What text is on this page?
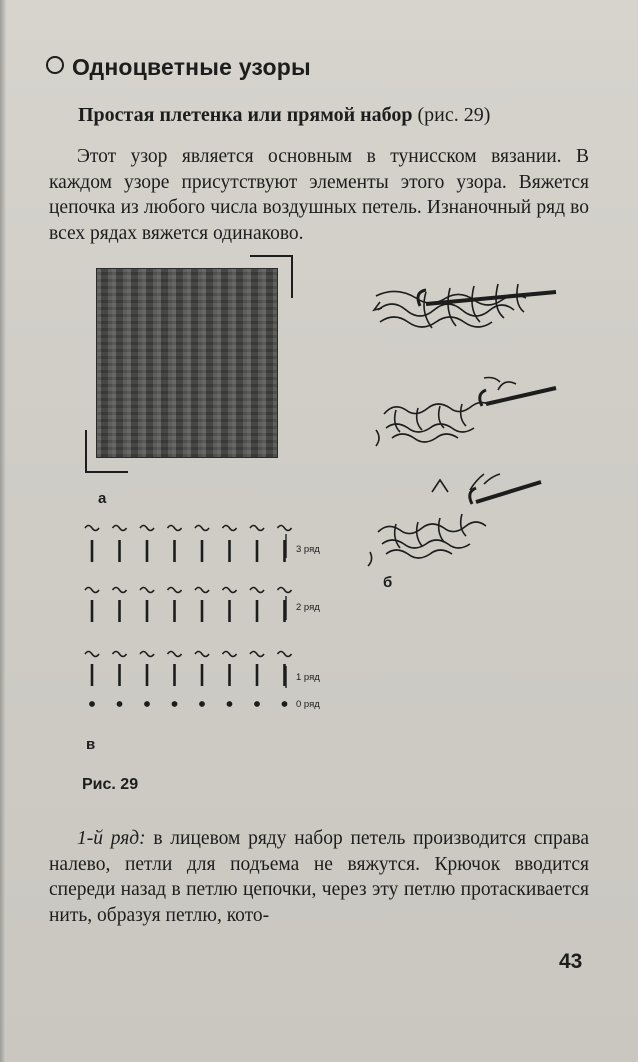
Одноцветные узоры
Простая плетенка или прямой набор (рис. 29)

Этот узор является основным в тунисском вязании. В каждом узоре присутствуют элементы этого узора. Вяжется цепочка из любого числа воздушных петель. Изнаночный ряд во всех рядах вяжется одинаково.

а
б
3 ряд
2 ряд
1 ряд
0 ряд
в
Рис. 29

1-й ряд: в лицевом ряду набор петель производится справа налево, петли для подъема не вяжутся. Крючок вводится спереди назад в петлю цепочки, через эту петлю протаскивается нить, образуя петлю, кото-

43
